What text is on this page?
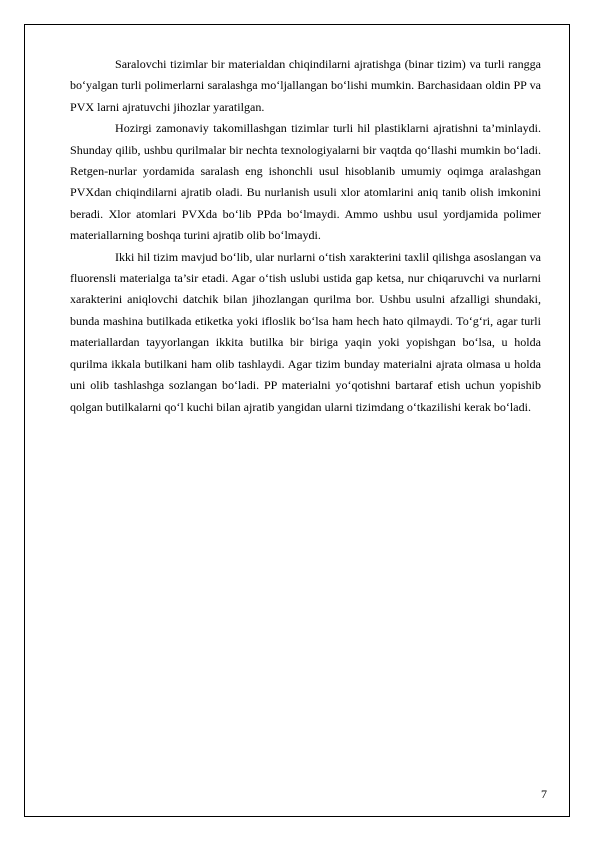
Saralovchi tizimlar bir materialdan chiqindilarni ajratishga (binar tizim) va turli rangga bo‘yalgan turli polimerlarni saralashga mo‘ljallangan bo‘lishi mumkin. Barchasidaan oldin PP va PVX larni ajratuvchi jihozlar yaratilgan.

Hozirgi zamonaviy takomillashgan tizimlar turli hil plastiklarni ajratishni ta’minlaydi. Shunday qilib, ushbu qurilmalar bir nechta texnologiyalarni bir vaqtda qo‘llashi mumkin bo‘ladi. Retgen-nurlar yordamida saralash eng ishonchli usul hisoblanib umumiy oqimga aralashgan PVXdan chiqindilarni ajratib oladi. Bu nurlanish usuli xlor atomlarini aniq tanib olish imkonini beradi. Xlor atomlari PVXda bo‘lib PPda bo‘lmaydi. Ammo ushbu usul yordjamida polimer materiallarning boshqa turini ajratib olib bo‘lmaydi.

Ikki hil tizim mavjud bo‘lib, ular nurlarni o‘tish xarakterini taxlil qilishga asoslangan va fluorensli materialga ta’sir etadi. Agar o‘tish uslubi ustida gap ketsa, nur chiqaruvchi va nurlarni xarakterini aniqlovchi datchik bilan jihozlangan qurilma bor. Ushbu usulni afzalligi shundaki, bunda mashina butilkada etiketka yoki ifloslik bo‘lsa ham hech hato qilmaydi. To‘g‘ri, agar turli materiallardan tayyorlangan ikkita butilka bir biriga yaqin yoki yopishgan bo‘lsa, u holda qurilma ikkala butilkani ham olib tashlaydi. Agar tizim bunday materialni ajrata olmasa u holda uni olib tashlashga sozlangan bo‘ladi. PP materialni yo‘qotishni bartaraf etish uchun yopishib qolgan butilkalarni qo‘l kuchi bilan ajratib yangidan ularni tizimdang o‘tkazilishi kerak bo‘ladi.

7
